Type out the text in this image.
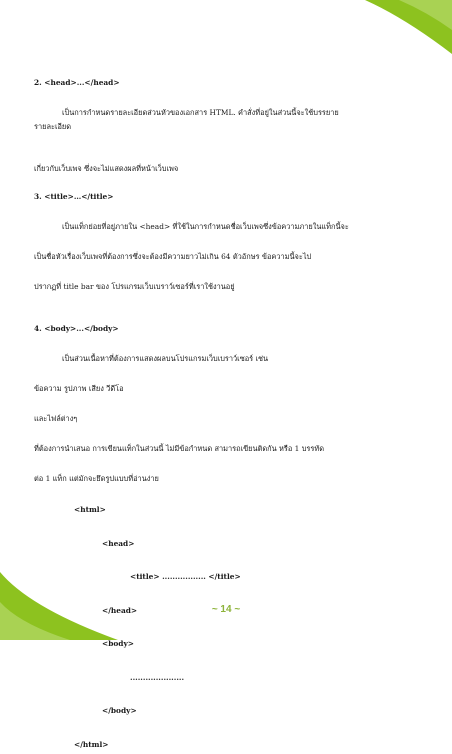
2. <head>...</head>

เป็นการกำหนดรายละเอียดส่วนหัวของเอกสาร HTML. คำสั่งที่อยู่ในส่วนนี้จะใช้บรรยาย

รายละเอียด

เกี่ยวกับเว็บเพจ ซึ่งจะไม่แสดงผลที่หน้าเว็บเพจ

3. <title>…</title>

เป็นแท็กย่อยที่อยู่ภายใน <head> ที่ใช้ในการกำหนดชื่อเว็บเพจซึ่งข้อความภายในแท็กนี้จะ

เป็นชื่อหัวเรื่องเว็บเพจที่ต้องการซึ่งจะต้องมีความยาวไม่เกิน 64 ตัวอักษร ข้อความนี้จะไป

ปรากฏที่ title bar ของ โปรแกรมเว็บเบราว์เซอร์ที่เราใช้งานอยู่

4. <body>...</body>

เป็นส่วนเนื้อหาที่ต้องการแสดงผลบนโปรแกรมเว็บเบราว์เซอร์ เช่น

ข้อความ รูปภาพ เสียง วีดีโอ

และไฟล์ต่างๆ

ที่ต้องการนำเสนอ การเขียนแท็กในส่วนนี้ ไม่มีข้อกำหนด สามารถเขียนติดกัน หรือ 1 บรรทัด

ต่อ 1 แท็ก แต่มักจะยึดรูปแบบที่อ่านง่าย

<html>

<head>

<title> ................. </title>

</head>

<body>

.....................

</body>

</html>

~ 14 ~
